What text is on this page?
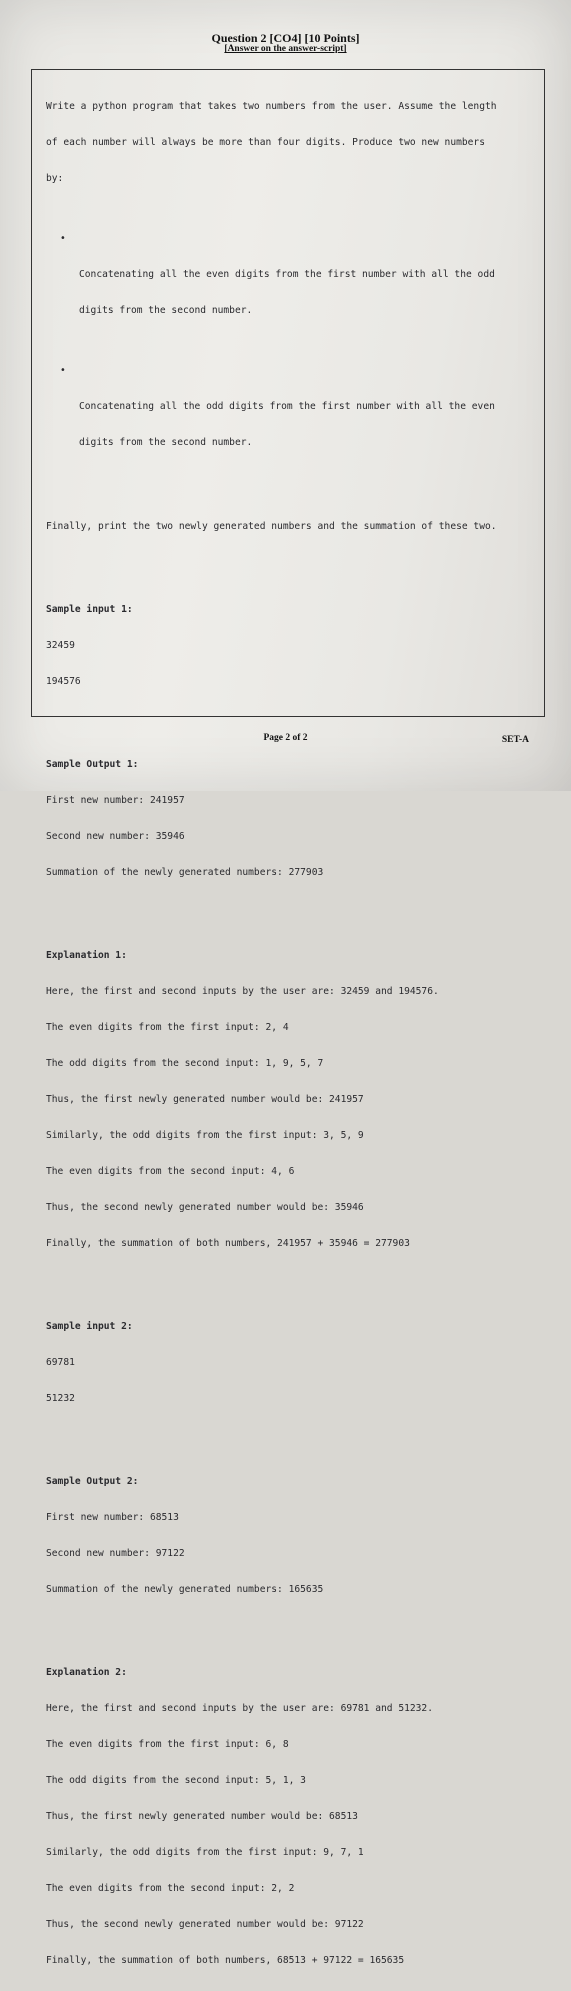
Question 2 [CO4] [10 Points]
[Answer on the answer-script]

Write a python program that takes two numbers from the user. Assume the length

of each number will always be more than four digits. Produce two new numbers

by:

•

Concatenating all the even digits from the first number with all the odd

digits from the second number.

•

Concatenating all the odd digits from the first number with all the even

digits from the second number.

Finally, print the two newly generated numbers and the summation of these two.

Sample input 1:

32459

194576

Sample Output 1:

First new number: 241957

Second new number: 35946

Summation of the newly generated numbers: 277903

Explanation 1:

Here, the first and second inputs by the user are: 32459 and 194576.

The even digits from the first input: 2, 4

The odd digits from the second input: 1, 9, 5, 7

Thus, the first newly generated number would be: 241957

Similarly, the odd digits from the first input: 3, 5, 9

The even digits from the second input: 4, 6

Thus, the second newly generated number would be: 35946

Finally, the summation of both numbers, 241957 + 35946 = 277903

Sample input 2:

69781

51232

Sample Output 2:

First new number: 68513

Second new number: 97122

Summation of the newly generated numbers: 165635

Explanation 2:

Here, the first and second inputs by the user are: 69781 and 51232.

The even digits from the first input: 6, 8

The odd digits from the second input: 5, 1, 3

Thus, the first newly generated number would be: 68513

Similarly, the odd digits from the first input: 9, 7, 1

The even digits from the second input: 2, 2

Thus, the second newly generated number would be: 97122

Finally, the summation of both numbers, 68513 + 97122 = 165635

Page 2 of 2	SET-A
